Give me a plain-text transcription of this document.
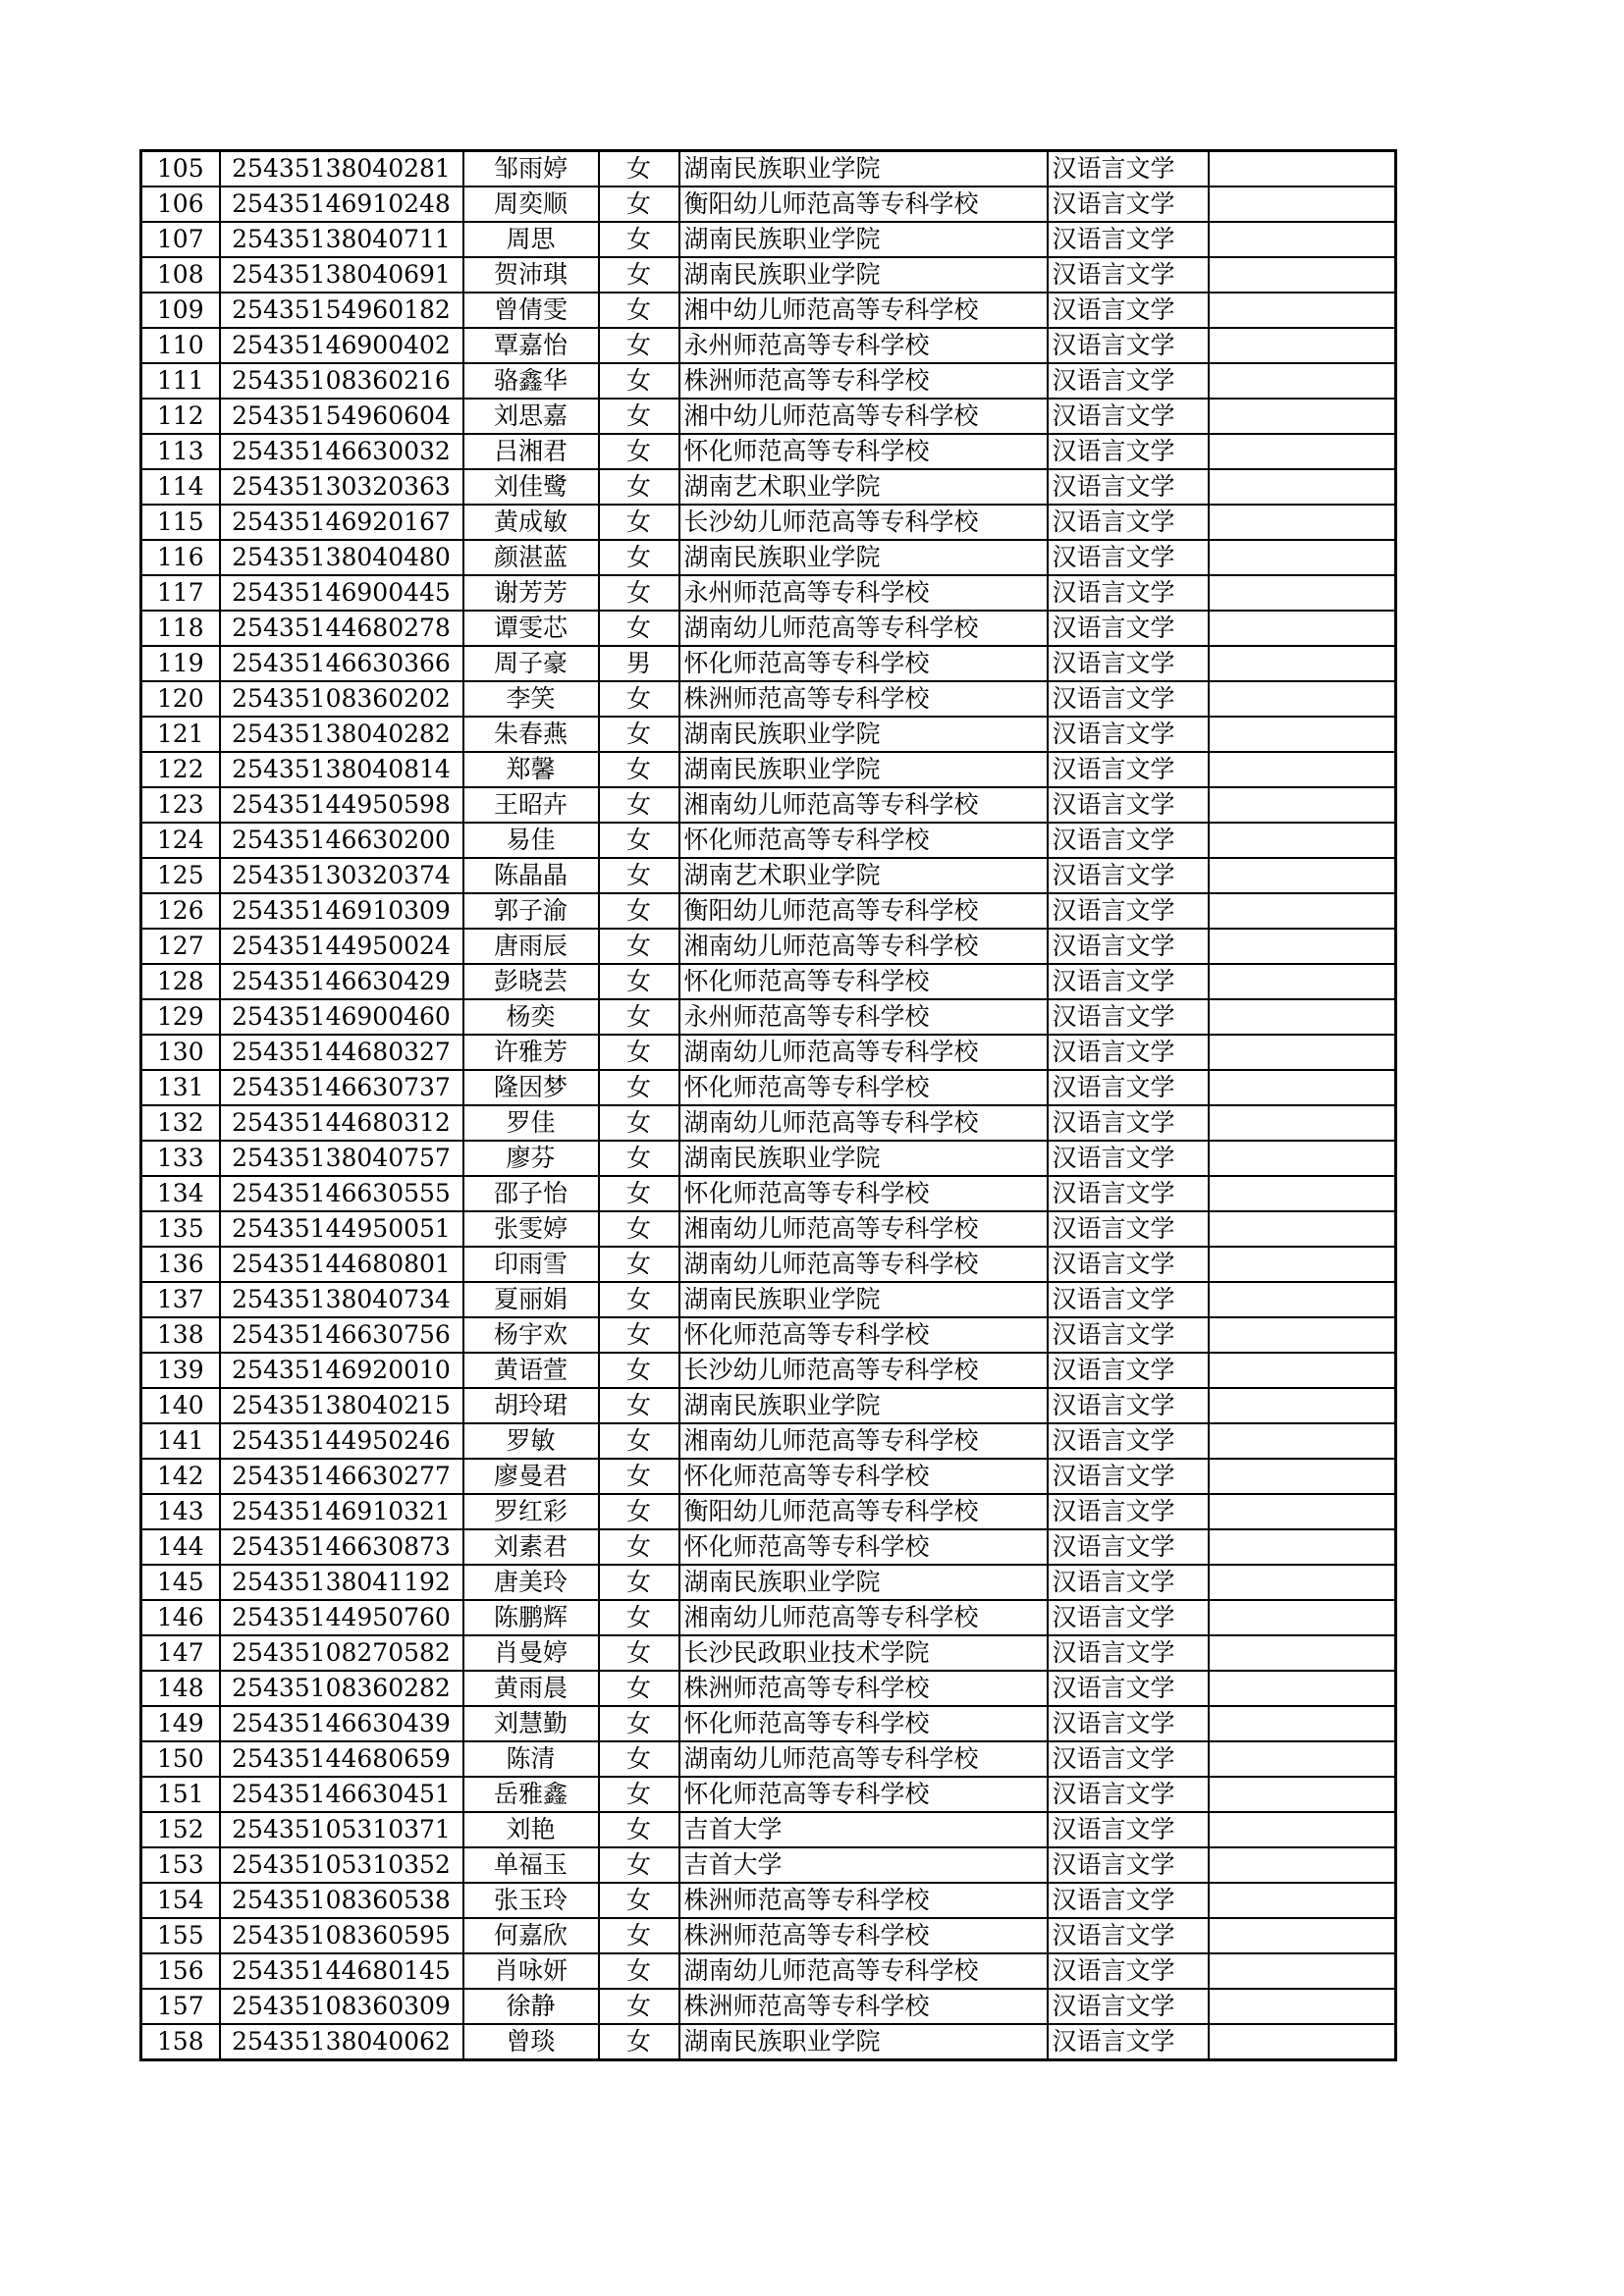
105	25435138040281	邹雨婷	女	湖南民族职业学院	汉语言文学	
106	25435146910248	周奕顺	女	衡阳幼儿师范高等专科学校	汉语言文学	
107	25435138040711	周思	女	湖南民族职业学院	汉语言文学	
108	25435138040691	贺沛琪	女	湖南民族职业学院	汉语言文学	
109	25435154960182	曾倩雯	女	湘中幼儿师范高等专科学校	汉语言文学	
110	25435146900402	覃嘉怡	女	永州师范高等专科学校	汉语言文学	
111	25435108360216	骆鑫华	女	株洲师范高等专科学校	汉语言文学	
112	25435154960604	刘思嘉	女	湘中幼儿师范高等专科学校	汉语言文学	
113	25435146630032	吕湘君	女	怀化师范高等专科学校	汉语言文学	
114	25435130320363	刘佳鹭	女	湖南艺术职业学院	汉语言文学	
115	25435146920167	黄成敏	女	长沙幼儿师范高等专科学校	汉语言文学	
116	25435138040480	颜湛蓝	女	湖南民族职业学院	汉语言文学	
117	25435146900445	谢芳芳	女	永州师范高等专科学校	汉语言文学	
118	25435144680278	谭雯芯	女	湖南幼儿师范高等专科学校	汉语言文学	
119	25435146630366	周子豪	男	怀化师范高等专科学校	汉语言文学	
120	25435108360202	李笑	女	株洲师范高等专科学校	汉语言文学	
121	25435138040282	朱春燕	女	湖南民族职业学院	汉语言文学	
122	25435138040814	郑馨	女	湖南民族职业学院	汉语言文学	
123	25435144950598	王昭卉	女	湘南幼儿师范高等专科学校	汉语言文学	
124	25435146630200	易佳	女	怀化师范高等专科学校	汉语言文学	
125	25435130320374	陈晶晶	女	湖南艺术职业学院	汉语言文学	
126	25435146910309	郭子渝	女	衡阳幼儿师范高等专科学校	汉语言文学	
127	25435144950024	唐雨辰	女	湘南幼儿师范高等专科学校	汉语言文学	
128	25435146630429	彭晓芸	女	怀化师范高等专科学校	汉语言文学	
129	25435146900460	杨奕	女	永州师范高等专科学校	汉语言文学	
130	25435144680327	许雅芳	女	湖南幼儿师范高等专科学校	汉语言文学	
131	25435146630737	隆因梦	女	怀化师范高等专科学校	汉语言文学	
132	25435144680312	罗佳	女	湖南幼儿师范高等专科学校	汉语言文学	
133	25435138040757	廖芬	女	湖南民族职业学院	汉语言文学	
134	25435146630555	邵子怡	女	怀化师范高等专科学校	汉语言文学	
135	25435144950051	张雯婷	女	湘南幼儿师范高等专科学校	汉语言文学	
136	25435144680801	印雨雪	女	湖南幼儿师范高等专科学校	汉语言文学	
137	25435138040734	夏丽娟	女	湖南民族职业学院	汉语言文学	
138	25435146630756	杨宇欢	女	怀化师范高等专科学校	汉语言文学	
139	25435146920010	黄语萱	女	长沙幼儿师范高等专科学校	汉语言文学	
140	25435138040215	胡玲珺	女	湖南民族职业学院	汉语言文学	
141	25435144950246	罗敏	女	湘南幼儿师范高等专科学校	汉语言文学	
142	25435146630277	廖曼君	女	怀化师范高等专科学校	汉语言文学	
143	25435146910321	罗红彩	女	衡阳幼儿师范高等专科学校	汉语言文学	
144	25435146630873	刘素君	女	怀化师范高等专科学校	汉语言文学	
145	25435138041192	唐美玲	女	湖南民族职业学院	汉语言文学	
146	25435144950760	陈鹏辉	女	湘南幼儿师范高等专科学校	汉语言文学	
147	25435108270582	肖曼婷	女	长沙民政职业技术学院	汉语言文学	
148	25435108360282	黄雨晨	女	株洲师范高等专科学校	汉语言文学	
149	25435146630439	刘慧勤	女	怀化师范高等专科学校	汉语言文学	
150	25435144680659	陈清	女	湖南幼儿师范高等专科学校	汉语言文学	
151	25435146630451	岳雅鑫	女	怀化师范高等专科学校	汉语言文学	
152	25435105310371	刘艳	女	吉首大学	汉语言文学	
153	25435105310352	单福玉	女	吉首大学	汉语言文学	
154	25435108360538	张玉玲	女	株洲师范高等专科学校	汉语言文学	
155	25435108360595	何嘉欣	女	株洲师范高等专科学校	汉语言文学	
156	25435144680145	肖咏妍	女	湖南幼儿师范高等专科学校	汉语言文学	
157	25435108360309	徐静	女	株洲师范高等专科学校	汉语言文学	
158	25435138040062	曾琰	女	湖南民族职业学院	汉语言文学	
